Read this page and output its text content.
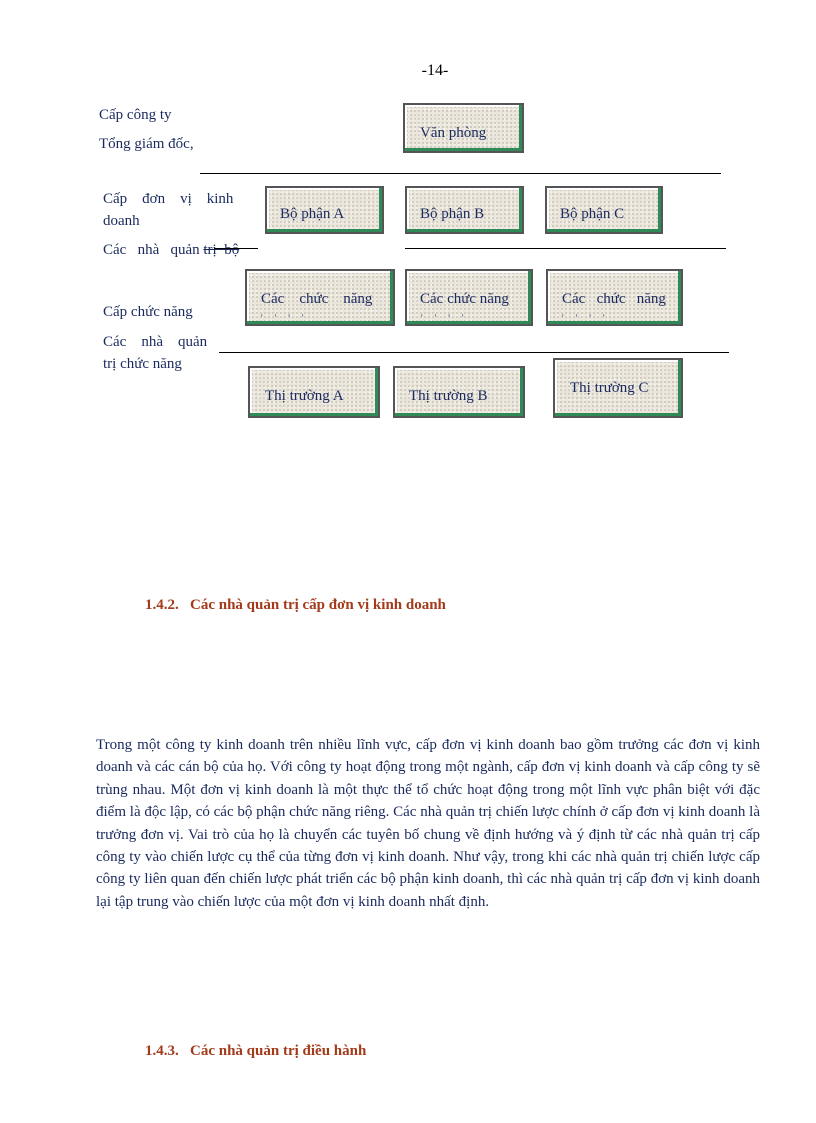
-14-
Cấp công ty
Tổng giám đốc,
Cấp    đơn    vị    kinh
doanh
Các   nhà   quản trị  bộ
Cấp chức năng
Các    nhà    quản
trị chức năng
Văn phòng
Bộ phận A	Bộ phận B	Bộ phận C
Các    chức    năng
''''
Các chức năng
''''
Các   chức   năng
''''
Thị trường A	Thị trường B	Thị trường C
1.4.2. Các nhà quản trị cấp đơn vị kinh doanh
Trong một công ty kinh doanh trên nhiều lĩnh vực, cấp đơn vị kinh doanh bao gồm trưởng các đơn vị kinh doanh và các cán bộ của họ. Với công ty hoạt động trong một ngành, cấp đơn vị kinh doanh và cấp công ty sẽ trùng nhau. Một đơn vị kinh doanh là một thực thể tổ chức hoạt động trong một lĩnh vực phân biệt với đặc điểm là độc lập, có các bộ phận chức năng riêng. Các nhà quản trị chiến lược chính ở cấp đơn vị kinh doanh là trưởng đơn vị. Vai trò của họ là chuyển các tuyên bố chung về định hướng và ý định từ các nhà quản trị cấp công ty vào chiến lược cụ thể của từng đơn vị kinh doanh. Như vậy, trong khi các nhà quản trị chiến lược cấp công ty liên quan đến chiến lược phát triển các bộ phận kinh doanh, thì các nhà quản trị cấp đơn vị kinh doanh lại tập trung vào chiến lược của một đơn vị kinh doanh nhất định.
1.4.3. Các nhà quản trị điều hành
